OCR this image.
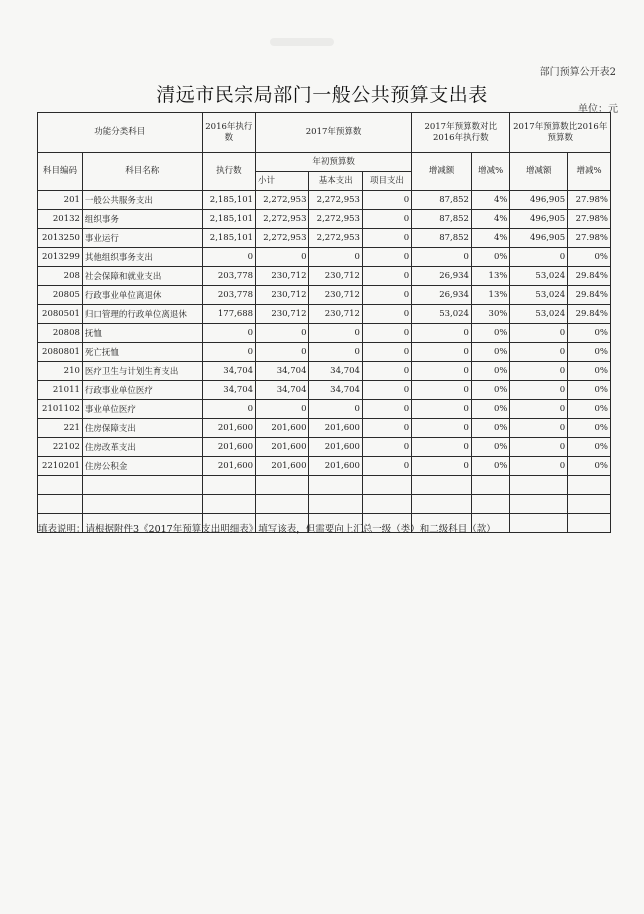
部门预算公开表2
清远市民宗局部门一般公共预算支出表
单位：元
功能分类科目		2016年执行数	2017年预算数			2017年预算数对比2016年执行数		2017年预算数比2016年预算数	
科目编码	科目名称	执行数	年初预算数			增减额	增减%	增减额	增减%
			小计	基本支出	项目支出				
201	一般公共服务支出	2,185,101	2,272,953	2,272,953	0	87,852	4%	496,905	27.98%
20132	组织事务	2,185,101	2,272,953	2,272,953	0	87,852	4%	496,905	27.98%
2013250	事业运行	2,185,101	2,272,953	2,272,953	0	87,852	4%	496,905	27.98%
2013299	其他组织事务支出	0	0	0	0	0	0%	0	0%
208	社会保障和就业支出	203,778	230,712	230,712	0	26,934	13%	53,024	29.84%
20805	行政事业单位离退休	203,778	230,712	230,712	0	26,934	13%	53,024	29.84%
2080501	归口管理的行政单位离退休	177,688	230,712	230,712	0	53,024	30%	53,024	29.84%
20808	抚恤	0	0	0	0	0	0%	0	0%
2080801	死亡抚恤	0	0	0	0	0	0%	0	0%
210	医疗卫生与计划生育支出	34,704	34,704	34,704	0	0	0%	0	0%
21011	行政事业单位医疗	34,704	34,704	34,704	0	0	0%	0	0%
2101102	事业单位医疗	0	0	0	0	0	0%	0	0%
221	住房保障支出	201,600	201,600	201,600	0	0	0%	0	0%
22102	住房改革支出	201,600	201,600	201,600	0	0	0%	0	0%
2210201	住房公积金	201,600	201,600	201,600	0	0	0%	0	0%

填表说明：请根据附件3《2017年预算支出明细表》填写该表，但需要向上汇总一级（类）和二级科目（款）
